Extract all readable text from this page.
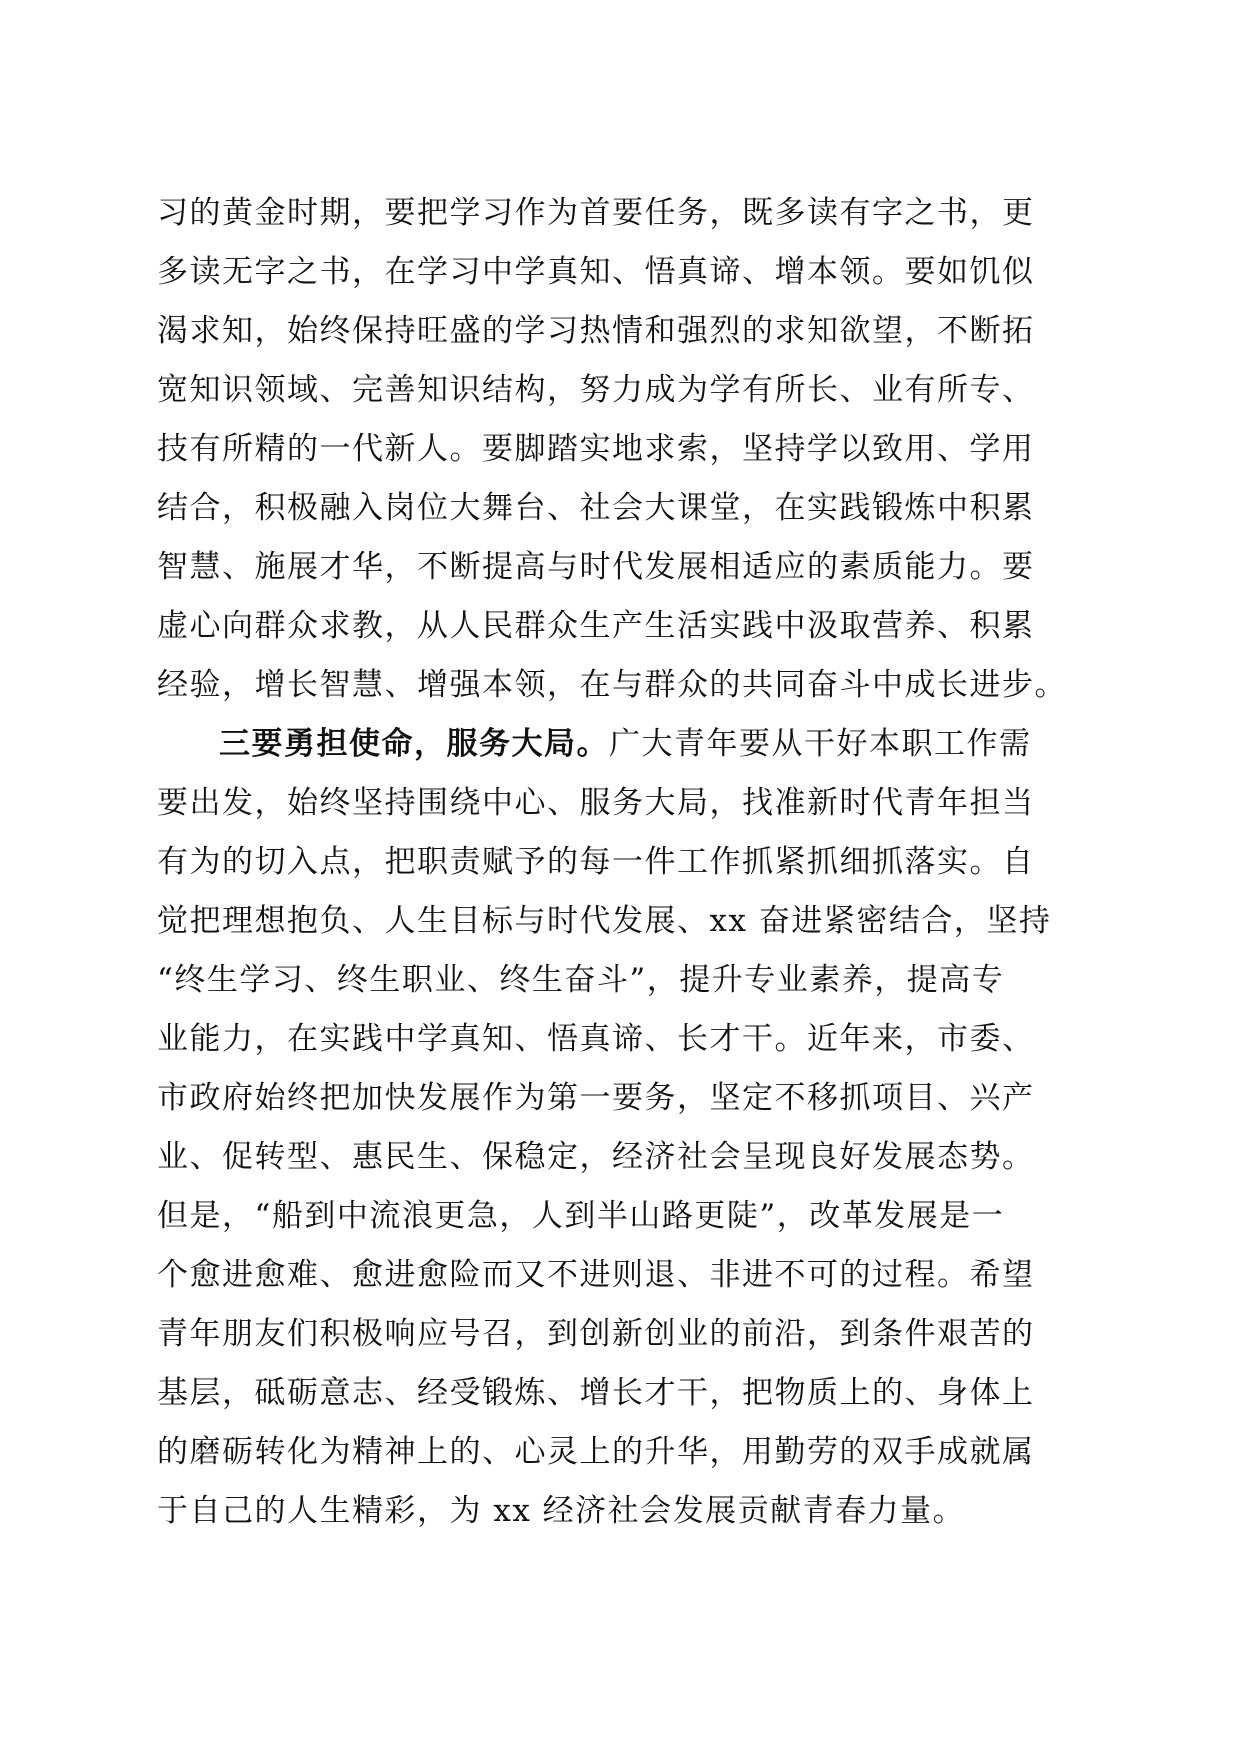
习的黄金时期，要把学习作为首要任务，既多读有字之书，更
多读无字之书，在学习中学真知、悟真谛、增本领。要如饥似
渴求知，始终保持旺盛的学习热情和强烈的求知欲望，不断拓
宽知识领域、完善知识结构，努力成为学有所长、业有所专、
技有所精的一代新人。要脚踏实地求索，坚持学以致用、学用
结合，积极融入岗位大舞台、社会大课堂，在实践锻炼中积累
智慧、施展才华，不断提高与时代发展相适应的素质能力。要
虚心向群众求教，从人民群众生产生活实践中汲取营养、积累
经验，增长智慧、增强本领，在与群众的共同奋斗中成长进步。
三要勇担使命，服务大局。广大青年要从干好本职工作需
要出发，始终坚持围绕中心、服务大局，找准新时代青年担当
有为的切入点，把职责赋予的每一件工作抓紧抓细抓落实。自
觉把理想抱负、人生目标与时代发展、xx 奋进紧密结合，坚持
“终生学习、终生职业、终生奋斗”，提升专业素养，提高专
业能力，在实践中学真知、悟真谛、长才干。近年来，市委、
市政府始终把加快发展作为第一要务，坚定不移抓项目、兴产
业、促转型、惠民生、保稳定，经济社会呈现良好发展态势。
但是，“船到中流浪更急，人到半山路更陡”，改革发展是一
个愈进愈难、愈进愈险而又不进则退、非进不可的过程。希望
青年朋友们积极响应号召，到创新创业的前沿，到条件艰苦的
基层，砥砺意志、经受锻炼、增长才干，把物质上的、身体上
的磨砺转化为精神上的、心灵上的升华，用勤劳的双手成就属
于自己的人生精彩，为 xx 经济社会发展贡献青春力量。
